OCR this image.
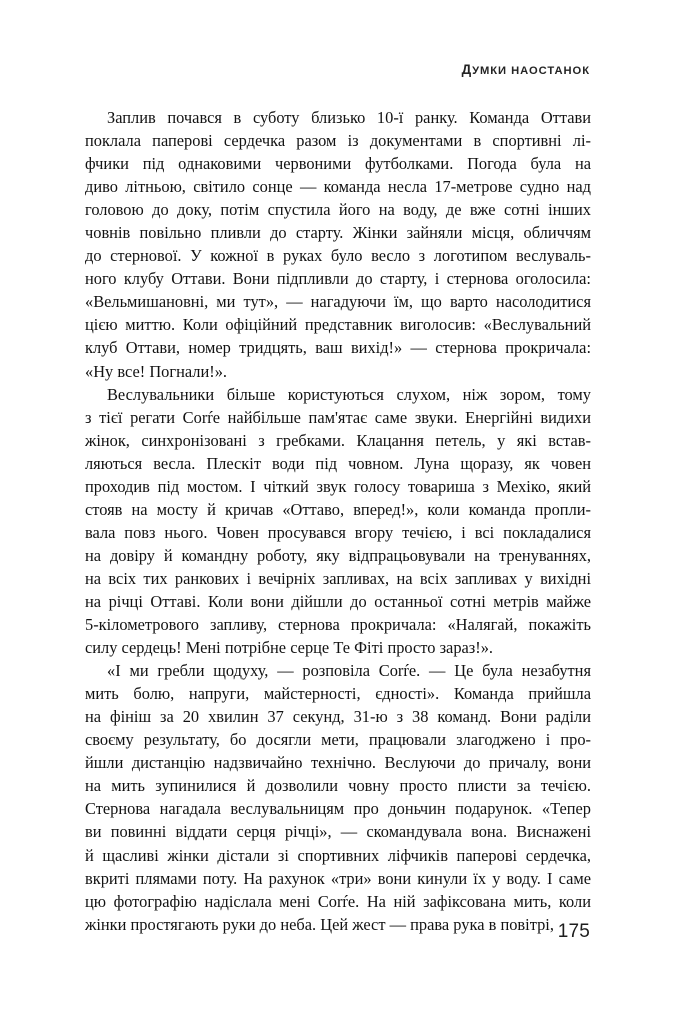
ДУМКИ НАОСТАНОК

Заплив почався в суботу близько 10-ї ранку. Команда Оттави
поклала паперові сердечка разом із документами в спортивні лі-
фчики під однаковими червоними футболками. Погода була на
диво літньою, світило сонце — команда несла 17-метрове судно над
головою до доку, потім спустила його на воду, де вже сотні інших
човнів повільно пливли до старту. Жінки зайняли місця, обличчям
до стернової. У кожної в руках було весло з логотипом веслуваль-
ного клубу Оттави. Вони підпливли до старту, і стернова оголосила:
«Вельмишановні, ми тут», — нагадуючи їм, що варто насолодитися
цією миттю. Коли офіційний представник виголосив: «Веслувальний
клуб Оттави, номер тридцять, ваш вихід!» — стернова прокричала:
«Ну все! Погнали!».

Веслувальники більше користуються слухом, ніж зором, тому
з тієї регати Corŕe найбільше пам'ятає саме звуки. Енергійні видихи
жінок, синхронізовані з гребками. Клацання петель, у які встав-
ляються весла. Плескіт води під човном. Луна щоразу, як човен
проходив під мостом. І чіткий звук голосу товариша з Мехіко, який
стояв на мосту й кричав «Оттаво, вперед!», коли команда пропли-
вала повз нього. Човен просувався вгору течією, і всі покладалися
на довіру й командну роботу, яку відпрацьовували на тренуваннях,
на всіх тих ранкових і вечірніх запливах, на всіх запливах у вихідні
на річці Оттаві. Коли вони дійшли до останньої сотні метрів майже
5-кілометрового запливу, стернова прокричала: «Налягай, покажіть
силу сердець! Мені потрібне серце Те Фіті просто зараз!».

«І ми гребли щодуху, — розповіла Corŕe. — Це була незабутня
мить болю, напруги, майстерності, єдності». Команда прийшла
на фініш за 20 хвилин 37 секунд, 31-ю з 38 команд. Вони раділи
своєму результату, бо досягли мети, працювали злагоджено і про-
йшли дистанцію надзвичайно технічно. Веслуючи до причалу, вони
на мить зупинилися й дозволили човну просто плисти за течією.
Стернова нагадала веслувальницям про доньчин подарунок. «Тепер
ви повинні віддати серця річці», — скомандувала вона. Виснажені
й щасливі жінки дістали зі спортивних ліфчиків паперові сердечка,
вкриті плямами поту. На рахунок «три» вони кинули їх у воду. І саме
цю фотографію надіслала мені Corŕe. На ній зафіксована мить, коли
жінки простягають руки до неба. Цей жест — права рука в повітрі, 175
